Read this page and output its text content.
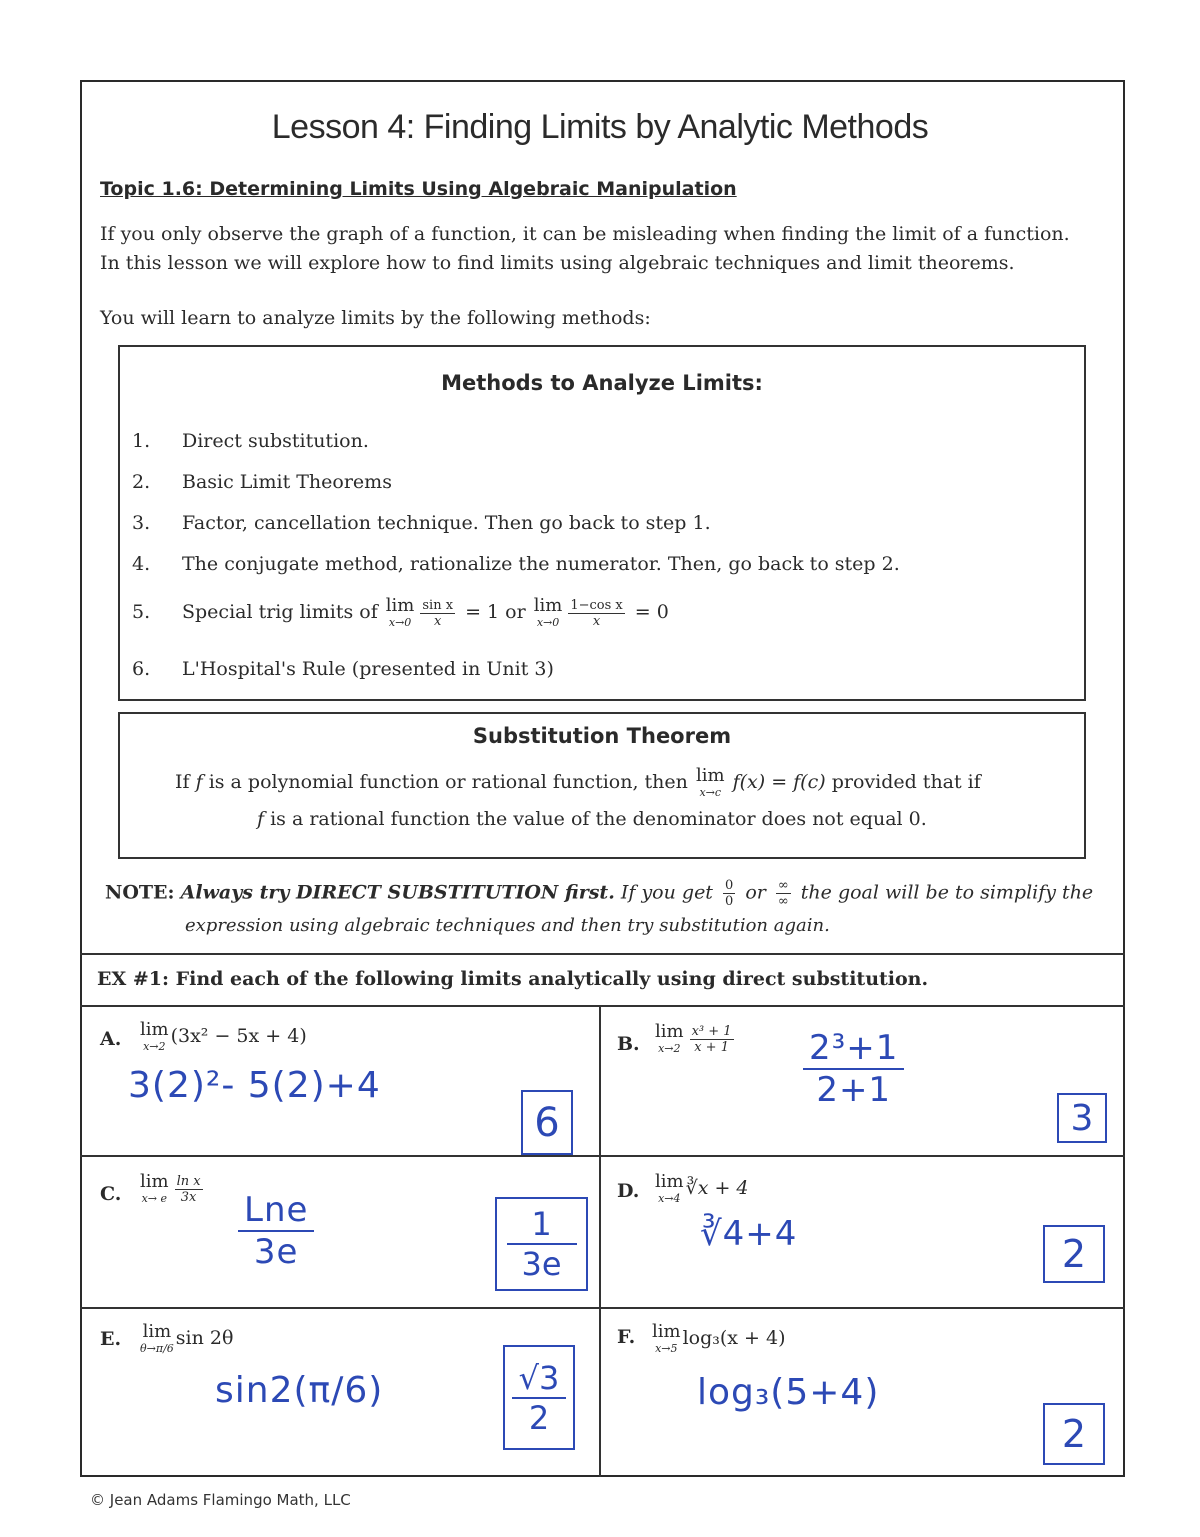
Lesson 4: Finding Limits by Analytic Methods
Topic 1.6: Determining Limits Using Algebraic Manipulation
If you only observe the graph of a function, it can be misleading when finding the limit of a function.
In this lesson we will explore how to find limits using algebraic techniques and limit theorems.
You will learn to analyze limits by the following methods:
Methods to Analyze Limits:
1. Direct substitution.
2. Basic Limit Theorems
3. Factor, cancellation technique. Then go back to step 1.
4. The conjugate method, rationalize the numerator. Then, go back to step 2.
5. Special trig limits of lim
$x\to 0 \frac{\text{sin x}}{x} = 1$ or lim
$x\to 0 \frac{\text{1−cos x}}{x} = 0$
6. L'Hospital's Rule (presented in Unit 3)
Substitution Theorem
If f is a polynomial function or rational function, then lim
x→c f(x) = f(c) provided that if
f is a rational function the value of the denominator does not equal 0.
NOTE: Always try DIRECT SUBSTITUTION first. If you get $\frac{0}{0}$ or $\frac{\infty}{\infty}$ the goal will be to simplify the
expression using algebraic techniques and then try substitution again.
EX #1: Find each of the following limits analytically using direct substitution.
A. lim
x→2 (3x² − 5x + 4)
3(2)²- 5(2)+4
6
B.
lim
$x\to 2 \frac{\text{x³ + 1}}{x + 1} 2^3+1$
2+1
3
C.
lim
x→ e $\frac{\text{ln x}}{3x}$
Lne
3e
1
3e
D. lim
x→4 ∛x + 4
∛4+4	2
E. lim
θ→π/6 sin 2θ
sin2(π/6)	√3
2
F. lim
x→5 log₃(x + 4)
log₃(5+4)
2
© Jean Adams Flamingo Math, LLC
